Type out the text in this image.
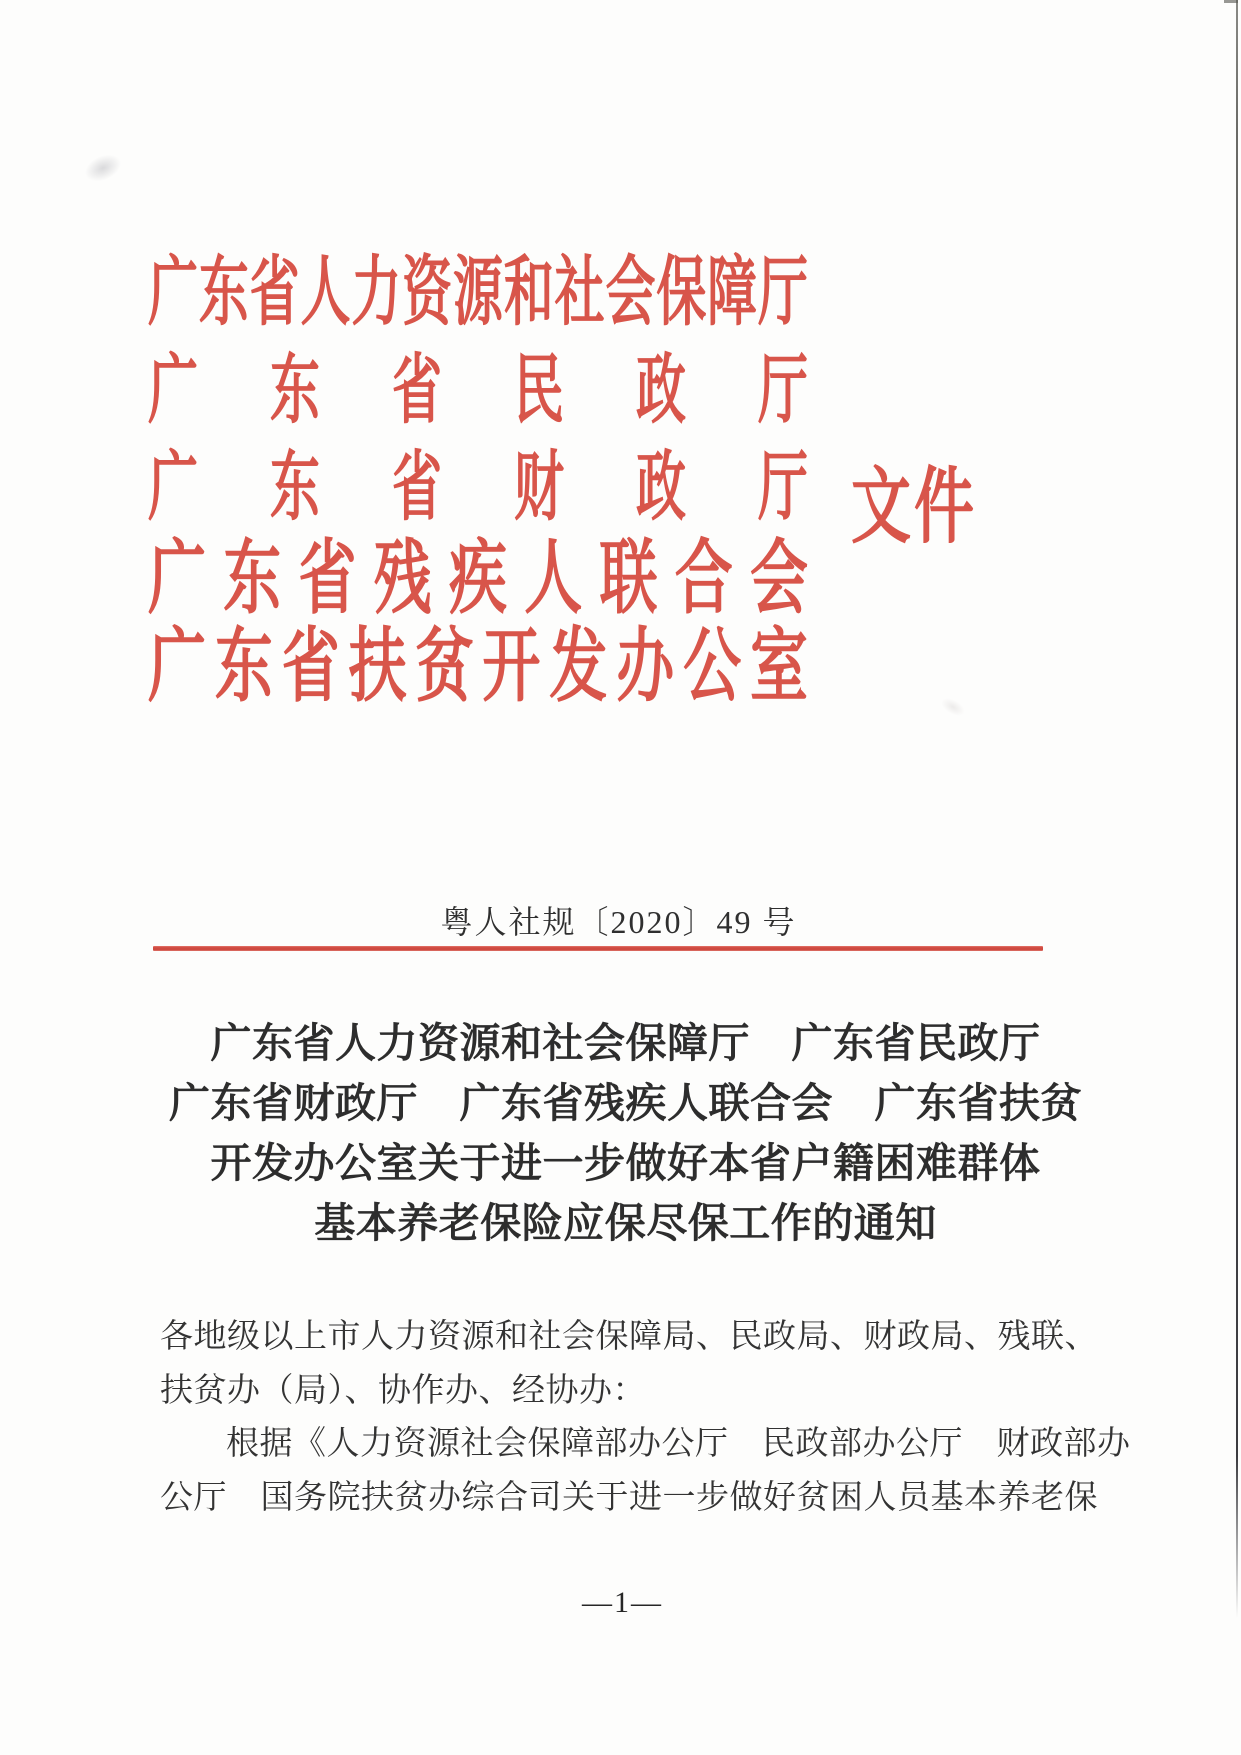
广东省人力资源和社会保障厅
广东省民政厅
广东省财政厅
广东省残疾人联合会
广东省扶贫开发办公室
文件
粤人社规〔2020〕49 号
广东省人力资源和社会保障厅　广东省民政厅
广东省财政厅　广东省残疾人联合会　广东省扶贫
开发办公室关于进一步做好本省户籍困难群体
基本养老保险应保尽保工作的通知
各地级以上市人力资源和社会保障局、民政局、财政局、残联、
扶贫办（局）、协作办、经协办：
根据《人力资源社会保障部办公厅　民政部办公厅　财政部办
公厅　国务院扶贫办综合司关于进一步做好贫困人员基本养老保
—1—
